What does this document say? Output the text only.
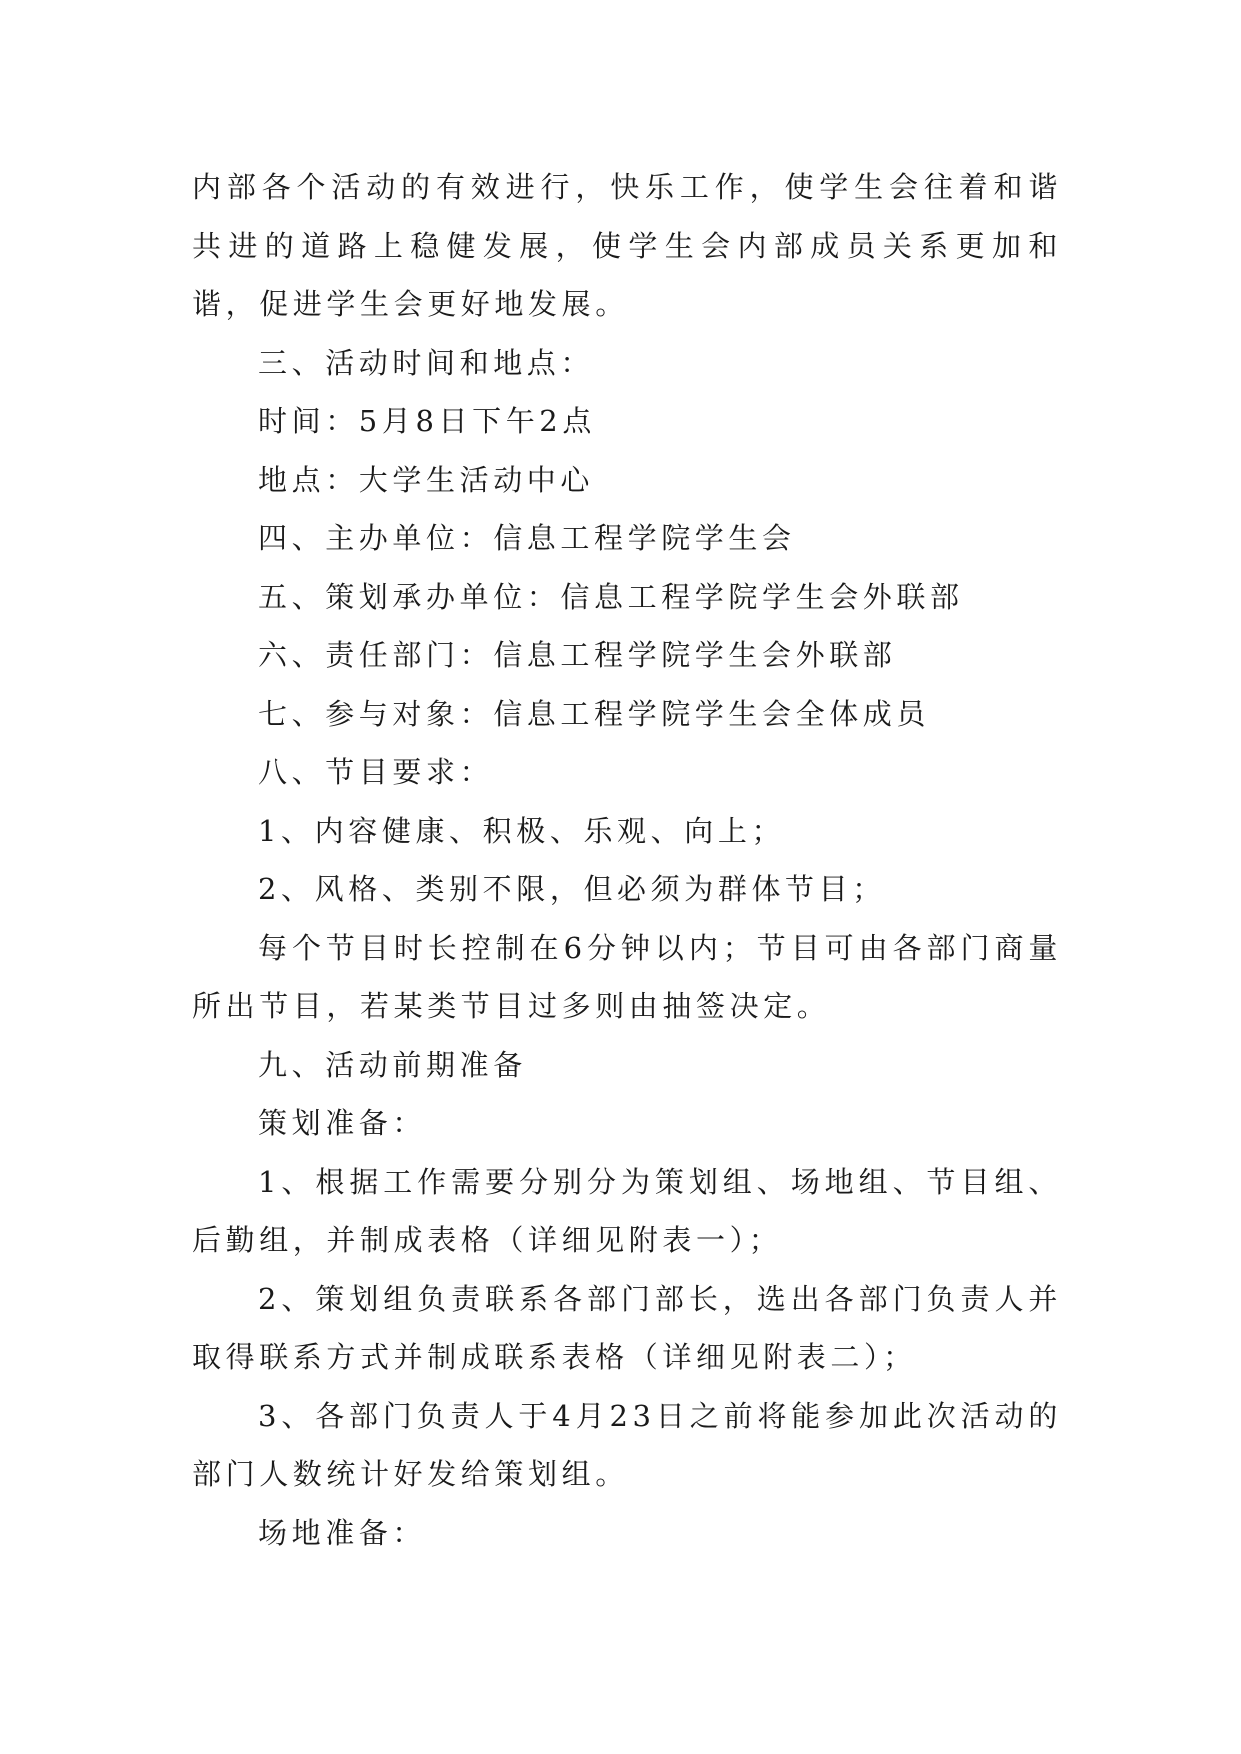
内部各个活动的有效进行，快乐工作，使学生会往着和谐共进的道路上稳健发展，使学生会内部成员关系更加和谐，促进学生会更好地发展。

三、活动时间和地点：

时间：5月8日下午2点

地点：大学生活动中心

四、主办单位：信息工程学院学生会

五、策划承办单位：信息工程学院学生会外联部

六、责任部门：信息工程学院学生会外联部

七、参与对象：信息工程学院学生会全体成员

八、节目要求：

1、内容健康、积极、乐观、向上；

2、风格、类别不限，但必须为群体节目；

每个节目时长控制在6分钟以内；节目可由各部门商量所出节目，若某类节目过多则由抽签决定。

九、活动前期准备

策划准备：

1、根据工作需要分别分为策划组、场地组、节目组、后勤组，并制成表格（详细见附表一）；

2、策划组负责联系各部门部长，选出各部门负责人并取得联系方式并制成联系表格（详细见附表二）；

3、各部门负责人于4月23日之前将能参加此次活动的部门人数统计好发给策划组。

场地准备：
